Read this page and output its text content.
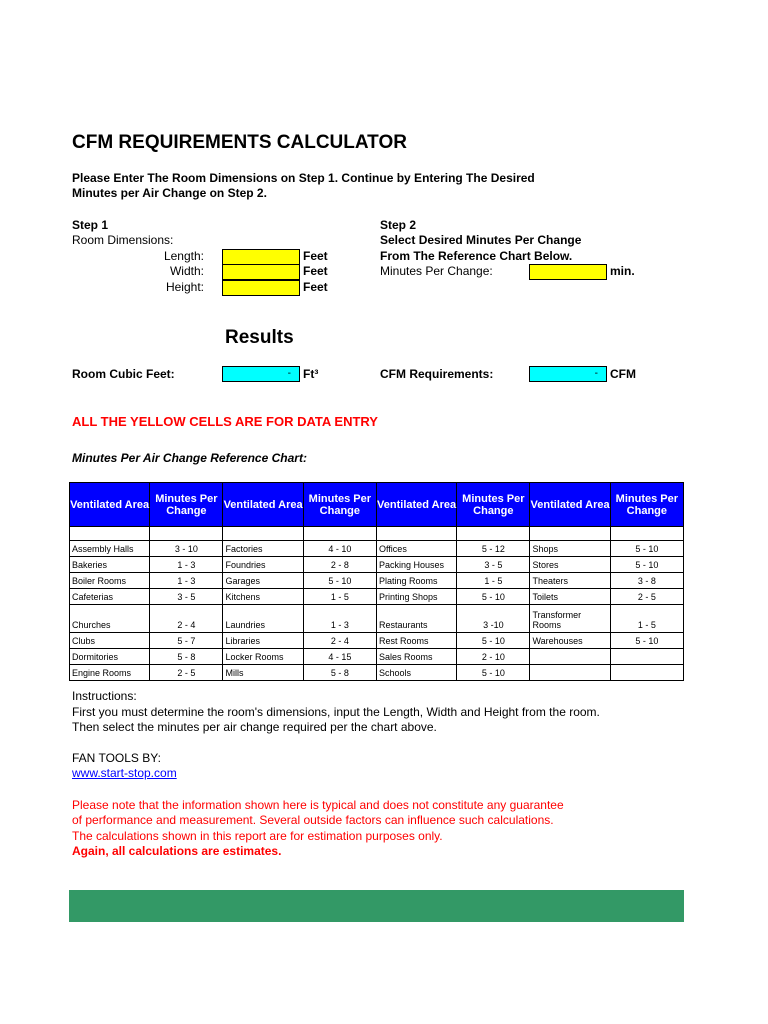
CFM REQUIREMENTS CALCULATOR
Please Enter The Room Dimensions on Step 1. Continue by Entering The Desired
Minutes per Air Change on Step 2.
Step 1
Room Dimensions:
Length:	Feet
Width:	Feet
Height:	Feet
Step 2
Select Desired Minutes Per Change
From The Reference Chart Below.
Minutes Per Change:	min.
Results
Room Cubic Feet:	-	Ft³	CFM Requirements:	-	CFM
ALL THE YELLOW CELLS ARE FOR DATA ENTRY
Minutes Per Air Change Reference Chart:
Ventilated Area	Minutes Per Change	Ventilated Area	Minutes Per Change	Ventilated Area	Minutes Per Change	Ventilated Area	Minutes Per Change

Assembly Halls	3 - 10	Factories	4 - 10	Offices	5 - 12	Shops	5 - 10
Bakeries	1 - 3	Foundries	2 - 8	Packing Houses	3 - 5	Stores	5 - 10
Boiler Rooms	1 - 3	Garages	5 - 10	Plating Rooms	1 - 5	Theaters	3 - 8
Cafeterias	3 - 5	Kitchens	1 - 5	Printing Shops	5 - 10	Toilets	2 - 5
Churches	2 - 4	Laundries	1 - 3	Restaurants	3 -10	Transformer Rooms	1 - 5
Clubs	5 - 7	Libraries	2 - 4	Rest Rooms	5 - 10	Warehouses	5 - 10
Dormitories	5 - 8	Locker Rooms	4 - 15	Sales Rooms	2 - 10		
Engine Rooms	2 - 5	Mills	5 - 8	Schools	5 - 10		
Instructions:
First you must determine the room's dimensions, input the Length, Width and Height from the room.
Then select the minutes per air change required per the chart above.
FAN TOOLS BY:
www.start-stop.com
Please note that the information shown here is typical and does not constitute any guarantee
of performance and measurement. Several outside factors can influence such calculations.
The calculations shown in this report are for estimation purposes only.
Again, all calculations are estimates.
